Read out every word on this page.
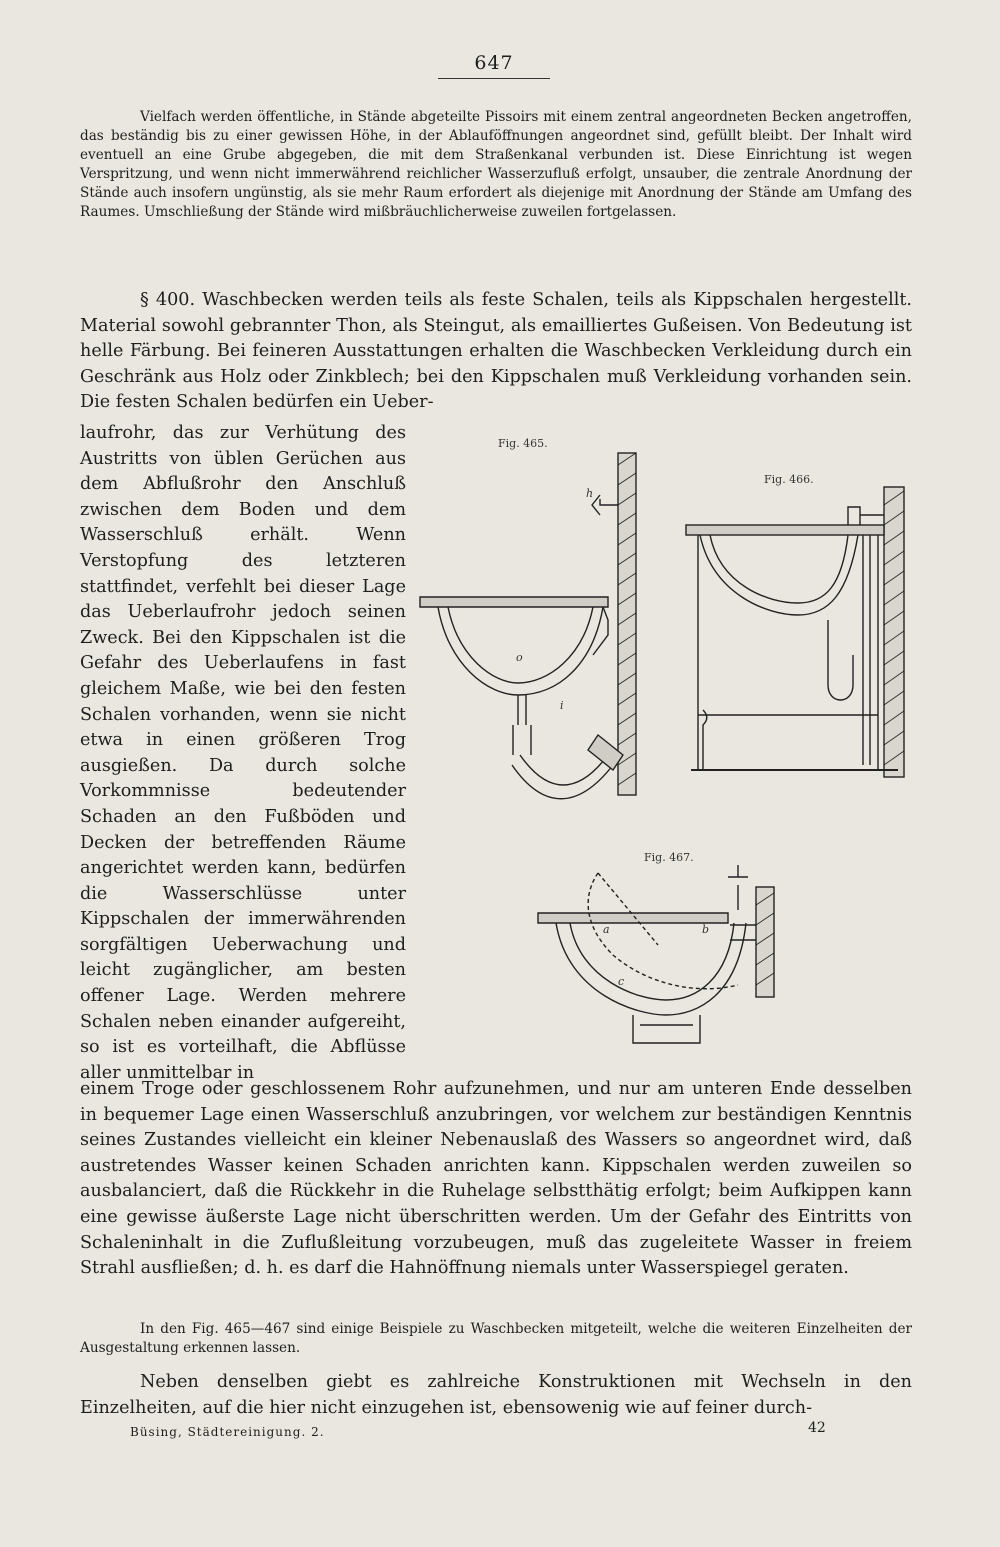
647

Vielfach werden öffentliche, in Stände abgeteilte Pissoirs mit einem zentral angeordneten Becken angetroffen, das beständig bis zu einer gewissen Höhe, in der Ablauföffnungen angeordnet sind, gefüllt bleibt. Der Inhalt wird eventuell an eine Grube abgegeben, die mit dem Straßenkanal verbunden ist. Diese Einrichtung ist wegen Verspritzung, und wenn nicht immerwährend reichlicher Wasserzufluß erfolgt, unsauber, die zentrale Anordnung der Stände auch insofern ungünstig, als sie mehr Raum erfordert als diejenige mit Anordnung der Stände am Umfang des Raumes. Umschließung der Stände wird mißbräuchlicherweise zuweilen fortgelassen.

§ 400. Waschbecken werden teils als feste Schalen, teils als Kippschalen hergestellt. Material sowohl gebrannter Thon, als Steingut, als emailliertes Gußeisen. Von Bedeutung ist helle Färbung. Bei feineren Ausstattungen erhalten die Waschbecken Verkleidung durch ein Geschränk aus Holz oder Zinkblech; bei den Kippschalen muß Verkleidung vorhanden sein. Die festen Schalen bedürfen ein Ueber-

laufrohr, das zur Verhütung des Austritts von üblen Gerüchen aus dem Abflußrohr den Anschluß zwischen dem Boden und dem Wasserschluß erhält. Wenn Verstopfung des letzteren stattfindet, verfehlt bei dieser Lage das Ueberlaufrohr jedoch seinen Zweck. Bei den Kippschalen ist die Gefahr des Ueberlaufens in fast gleichem Maße, wie bei den festen Schalen vorhanden, wenn sie nicht etwa in einen größeren Trog ausgießen. Da durch solche Vorkommnisse bedeutender Schaden an den Fußböden und Decken der betreffenden Räume angerichtet werden kann, bedürfen die Wasserschlüsse unter Kippschalen der immerwährenden sorgfältigen Ueberwachung und leicht zugänglicher, am besten offener Lage. Werden mehrere Schalen neben einander aufgereiht, so ist es vorteilhaft, die Abflüsse aller unmittelbar in

Fig. 465.
h
o
i
Fig. 466.
Fig. 467.
a	b
c

einem Troge oder geschlossenem Rohr aufzunehmen, und nur am unteren Ende desselben in bequemer Lage einen Wasserschluß anzubringen, vor welchem zur beständigen Kenntnis seines Zustandes vielleicht ein kleiner Nebenauslaß des Wassers so angeordnet wird, daß austretendes Wasser keinen Schaden anrichten kann. Kippschalen werden zuweilen so ausbalanciert, daß die Rückkehr in die Ruhelage selbstthätig erfolgt; beim Aufkippen kann eine gewisse äußerste Lage nicht überschritten werden. Um der Gefahr des Eintritts von Schaleninhalt in die Zuflußleitung vorzubeugen, muß das zugeleitete Wasser in freiem Strahl ausfließen; d. h. es darf die Hahnöffnung niemals unter Wasserspiegel geraten.

In den Fig. 465—467 sind einige Beispiele zu Waschbecken mitgeteilt, welche die weiteren Einzelheiten der Ausgestaltung erkennen lassen.

Neben denselben giebt es zahlreiche Konstruktionen mit Wechseln in den Einzelheiten, auf die hier nicht einzugehen ist, ebensowenig wie auf feiner durch-

Büsing, Städtereinigung. 2.	42
